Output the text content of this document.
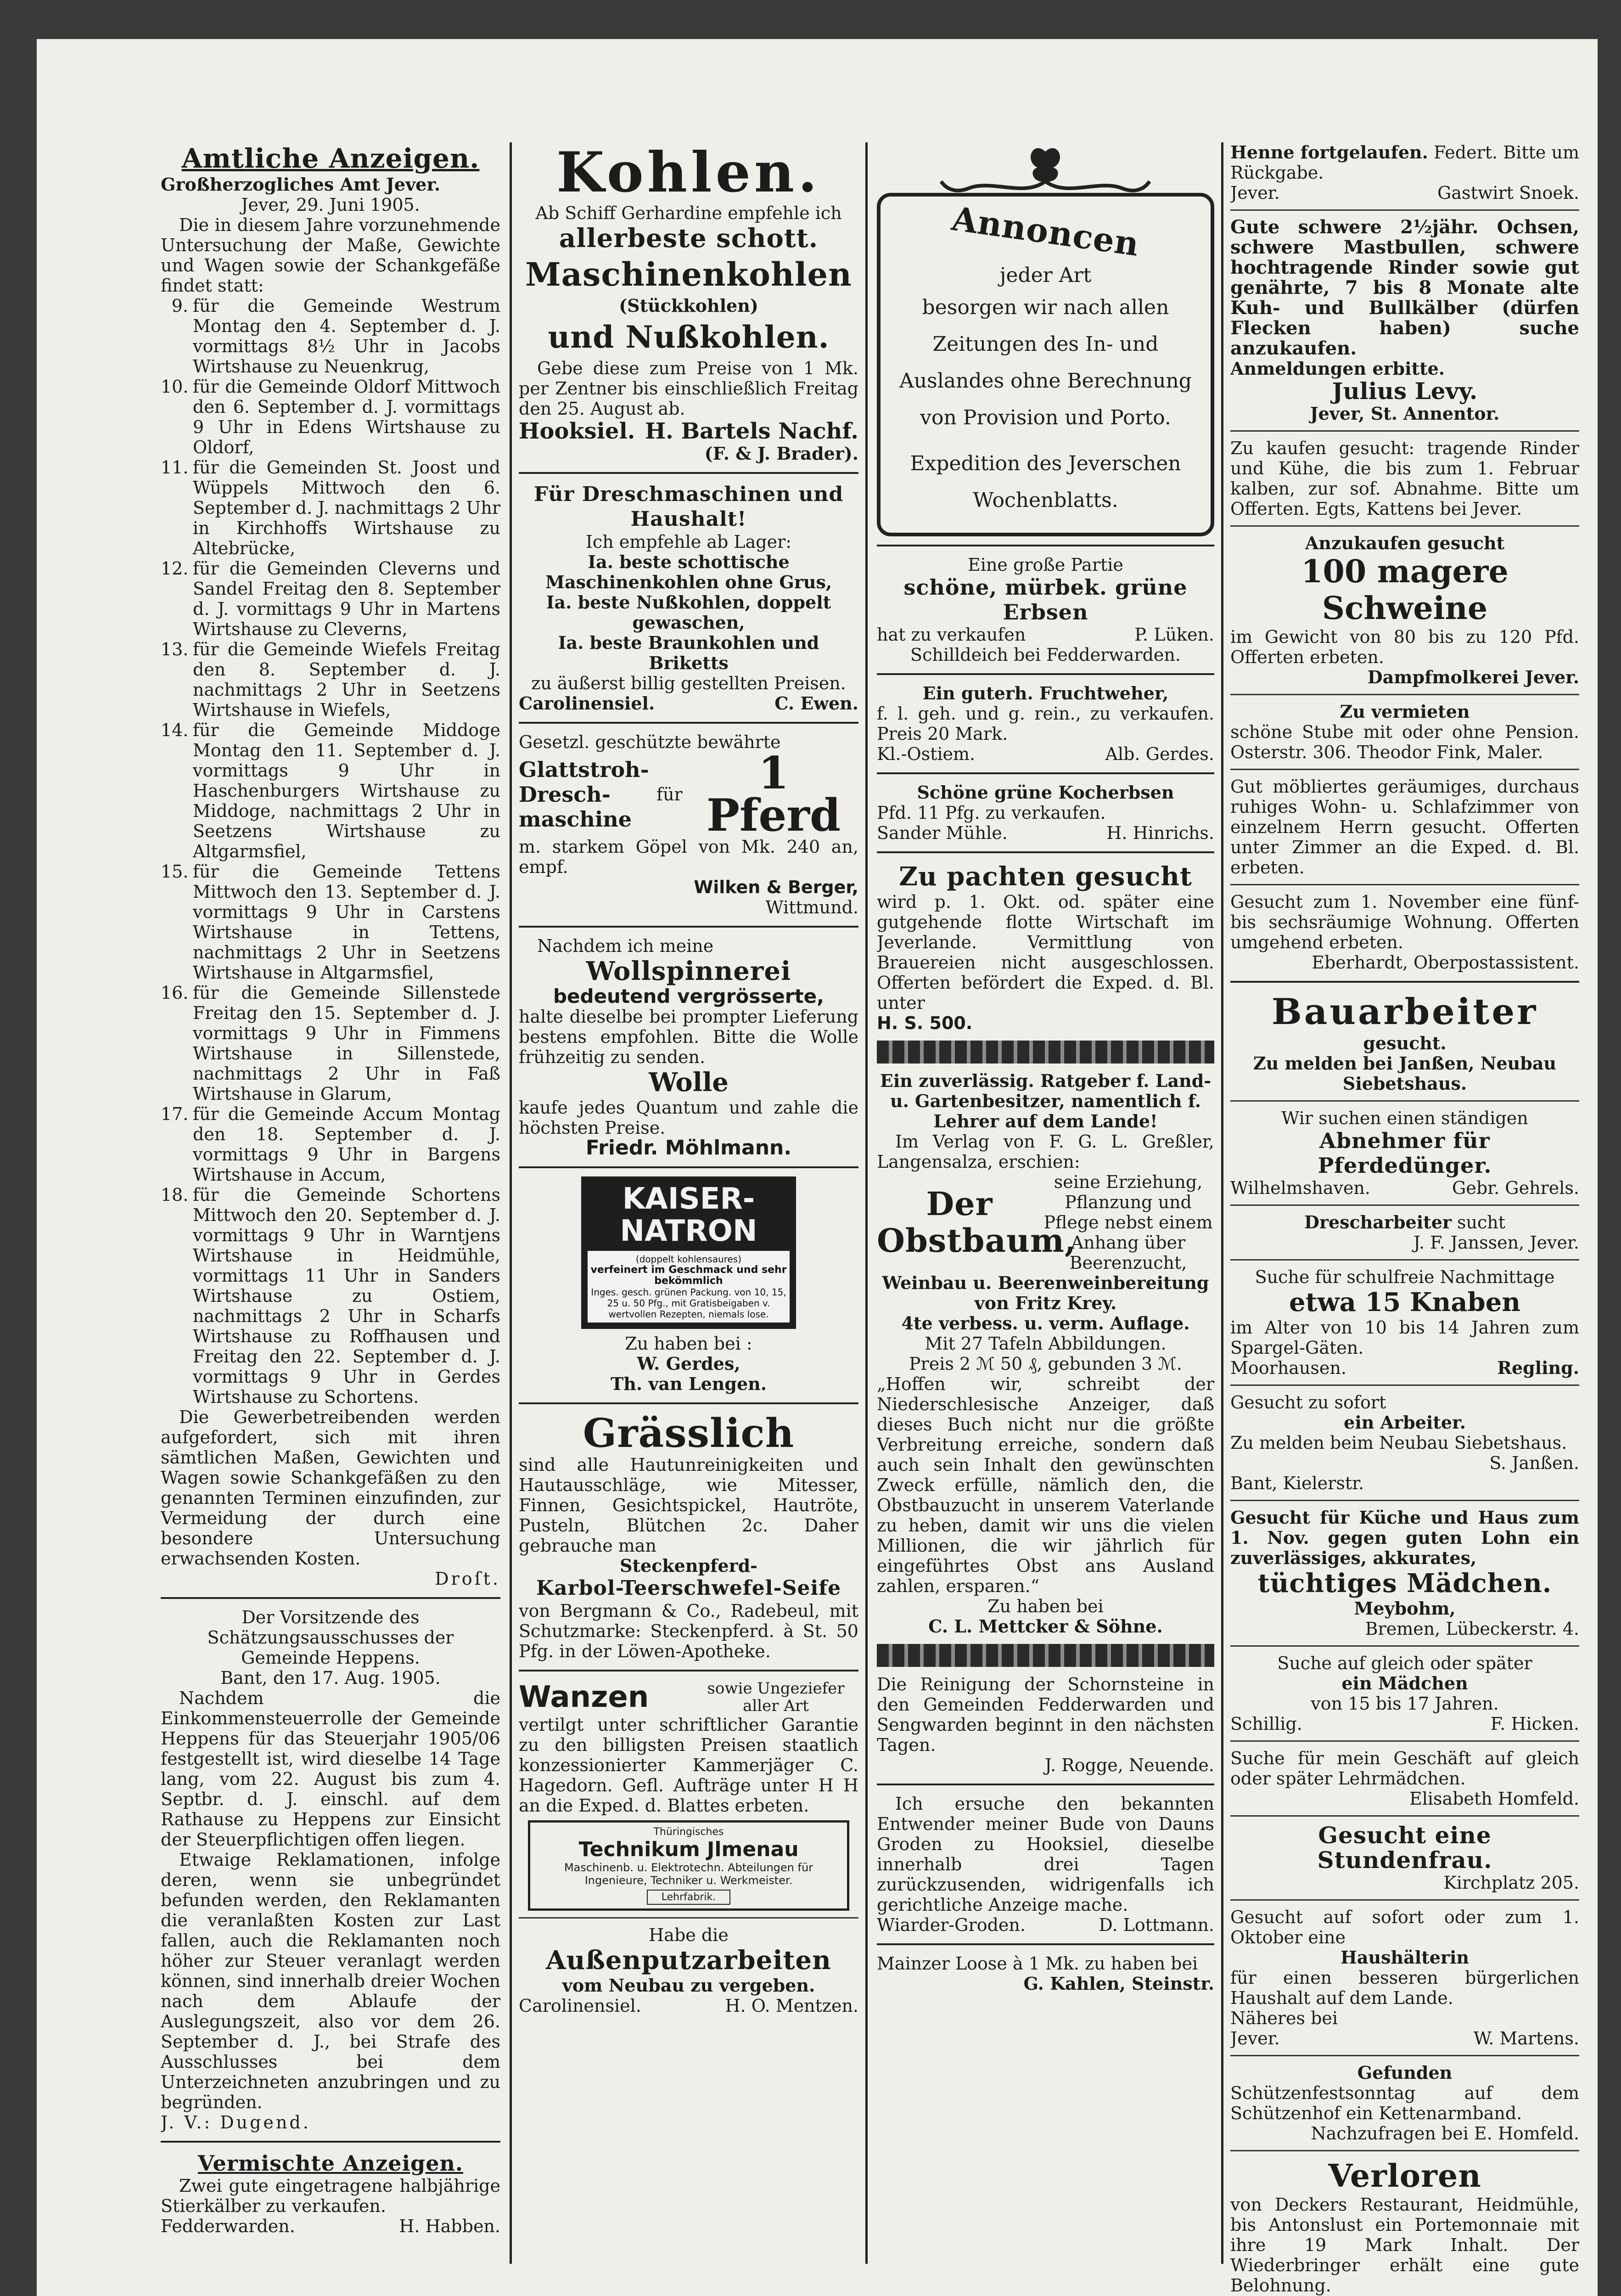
Amtliche Anzeigen.

Großherzogliches Amt Jever.

Jever, 29. Juni 1905.

Die in diesem Jahre vorzunehmende Untersuchung der Maße, Gewichte und Wagen sowie der Schankgefäße findet statt:

9. für die Gemeinde Westrum Montag den 4. September d. J. vormittags 8½ Uhr in Jacobs Wirtshause zu Neuenkrug,
10. für die Gemeinde Oldorf Mittwoch den 6. September d. J. vormittags 9 Uhr in Edens Wirtshause zu Oldorf,
11. für die Gemeinden St. Joost und Wüppels Mittwoch den 6. September d. J. nachmittags 2 Uhr in Kirchhoffs Wirtshause zu Altebrücke,
12. für die Gemeinden Cleverns und Sandel Freitag den 8. September d. J. vormittags 9 Uhr in Martens Wirtshause zu Cleverns,
13. für die Gemeinde Wiefels Freitag den 8. September d. J. nachmittags 2 Uhr in Seetzens Wirtshause in Wiefels,
14. für die Gemeinde Middoge Montag den 11. September d. J. vormittags 9 Uhr in Haschenburgers Wirtshause zu Middoge, nachmittags 2 Uhr in Seetzens Wirtshause zu Altgarmsfiel,
15. für die Gemeinde Tettens Mittwoch den 13. September d. J. vormittags 9 Uhr in Carstens Wirtshause in Tettens, nachmittags 2 Uhr in Seetzens Wirtshause in Altgarmsfiel,
16. für die Gemeinde Sillenstede Freitag den 15. September d. J. vormittags 9 Uhr in Fimmens Wirtshause in Sillenstede, nachmittags 2 Uhr in Faß Wirtshause in Glarum,
17. für die Gemeinde Accum Montag den 18. September d. J. vormittags 9 Uhr in Bargens Wirtshause in Accum,
18. für die Gemeinde Schortens Mittwoch den 20. September d. J. vormittags 9 Uhr in Warntjens Wirtshause in Heidmühle, vormittags 11 Uhr in Sanders Wirtshause zu Ostiem, nachmittags 2 Uhr in Scharfs Wirtshause zu Roffhausen und Freitag den 22. September d. J. vormittags 9 Uhr in Gerdes Wirtshause zu Schortens.

Die Gewerbetreibenden werden aufgefordert, sich mit ihren sämtlichen Maßen, Gewichten und Wagen sowie Schankgefäßen zu den genannten Terminen einzufinden, zur Vermeidung der durch eine besondere Untersuchung erwachsenden Kosten.

Droſt.

Der Vorsitzende des Schätzungsausschusses der Gemeinde Heppens.

Bant, den 17. Aug. 1905.

Nachdem die Einkommensteuerrolle der Gemeinde Heppens für das Steuerjahr 1905/06 festgestellt ist, wird dieselbe 14 Tage lang, vom 22. August bis zum 4. Septbr. d. J. einschl. auf dem Rathause zu Heppens zur Einsicht der Steuerpflichtigen offen liegen.

Etwaige Reklamationen, infolge deren, wenn sie unbegründet befunden werden, den Reklamanten die veranlaßten Kosten zur Last fallen, auch die Reklamanten noch höher zur Steuer veranlagt werden können, sind innerhalb dreier Wochen nach dem Ablaufe der Auslegungszeit, also vor dem 26. September d. J., bei Strafe des Ausschlusses bei dem Unterzeichneten anzubringen und zu begründen.

J. V.: Dugend.

Vermischte Anzeigen.

Zwei gute eingetragene halbjährige Stierkälber zu verkaufen.

Fedderwarden.	H. Habben.

Kohlen.

Ab Schiff Gerhardine empfehle ich

allerbeste schott.

Maschinenkohlen

(Stückkohlen)

und Nußkohlen.

Gebe diese zum Preise von 1 Mk. per Zentner bis einschließlich Freitag den 25. August ab.

Hooksiel. H. Bartels Nachf.

(F. & J. Brader).

Für Dreschmaschinen und Haushalt!

Ich empfehle ab Lager:

Ia. beste schottische Maschinenkohlen ohne Grus,

Ia. beste Nußkohlen, doppelt gewaschen,

Ia. beste Braunkohlen und Briketts

zu äußerst billig gestellten Preisen.

Carolinensiel.	C. Ewen.

Gesetzl. geschützte bewährte

Glattstroh-Dresch-maschine
für	1 Pferd

m. starkem Göpel von Mk. 240 an, empf.

Wilken & Berger,

Wittmund.

Nachdem ich meine

Wollspinnerei

bedeutend vergrösserte,

halte dieselbe bei prompter Lieferung bestens empfohlen. Bitte die Wolle frühzeitig zu senden.

Wolle

kaufe jedes Quantum und zahle die höchsten Preise.

Friedr. Möhlmann.

KAISER-
NATRON
(doppelt kohlensaures)
verfeinert im Geschmack und sehr bekömmlich
Inges. gesch. grünen Packung. von 10, 15, 25 u. 50 Pfg., mit Gratisbeigaben v. wertvollen Rezepten, niemals lose.

Zu haben bei :

W. Gerdes,

Th. van Lengen.

Grässlich

sind alle Hautunreinigkeiten und Hautausschläge, wie Mitesser, Finnen, Gesichtspickel, Hautröte, Pusteln, Blütchen 2c. Daher gebrauche man

Steckenpferd-

Karbol-Teerschwefel-Seife

von Bergmann & Co., Radebeul, mit Schutzmarke: Steckenpferd. à St. 50 Pfg. in der Löwen-Apotheke.

Wanzen	sowie Ungeziefer aller Art

vertilgt unter schriftlicher Garantie zu den billigsten Preisen staatlich konzessionierter Kammerjäger C. Hagedorn. Gefl. Aufträge unter H H an die Exped. d. Blattes erbeten.

Thüringisches
Technikum Jlmenau
Maschinenb. u. Elektrotechn. Abteilungen für Ingenieure, Techniker u. Werkmeister.
Lehrfabrik.

Habe die

Außenputzarbeiten

vom Neubau zu vergeben.

Carolinensiel.	H. O. Mentzen.

Annoncen

jeder Art

besorgen wir nach allen Zeitungen des In- und Auslandes ohne Berechnung von Provision und Porto.

Expedition des Jeverschen Wochenblatts.

Eine große Partie

schöne, mürbek. grüne Erbsen

hat zu verkaufen	P. Lüken.

Schilldeich bei Fedderwarden.

Ein guterh. Fruchtweher,

f. l. geh. und g. rein., zu verkaufen. Preis 20 Mark.

Kl.-Ostiem.	Alb. Gerdes.

Schöne grüne Kocherbsen

Pfd. 11 Pfg. zu verkaufen.

Sander Mühle.	H. Hinrichs.

Zu pachten gesucht

wird p. 1. Okt. od. später eine gutgehende flotte Wirtschaft im Jeverlande. Vermittlung von Brauereien nicht ausgeschlossen. Offerten befördert die Exped. d. Bl. unter

H. S. 500.

Ein zuverlässig. Ratgeber f. Land- u. Gartenbesitzer, namentlich f. Lehrer auf dem Lande!

Im Verlag von F. G. L. Greßler, Langensalza, erschien:

Der Obstbaum,
seine Erziehung, Pflanzung und Pflege nebst einem Anhang über Beerenzucht,

Weinbau u. Beerenweinbereitung von Fritz Krey.

4te verbess. u. verm. Auflage.

Mit 27 Tafeln Abbildungen.

Preis 2 ℳ 50 ₰, gebunden 3 ℳ.

„Hoffen wir, schreibt der Niederschlesische Anzeiger, daß dieses Buch nicht nur die größte Verbreitung erreiche, sondern daß auch sein Inhalt den gewünschten Zweck erfülle, nämlich den, die Obstbauzucht in unserem Vaterlande zu heben, damit wir uns die vielen Millionen, die wir jährlich für eingeführtes Obst ans Ausland zahlen, ersparen.“

Zu haben bei

C. L. Mettcker & Söhne.

Die Reinigung der Schornsteine in den Gemeinden Fedderwarden und Sengwarden beginnt in den nächsten Tagen.

J. Rogge, Neuende.

Ich ersuche den bekannten Entwender meiner Bude von Dauns Groden zu Hooksiel, dieselbe innerhalb drei Tagen zurückzusenden, widrigenfalls ich gerichtliche Anzeige mache.

Wiarder-Groden.	D. Lottmann.

Mainzer Loose à 1 Mk. zu haben bei

G. Kahlen, Steinstr.

Henne fortgelaufen. Federt. Bitte um Rückgabe.

Jever.	Gastwirt Snoek.

Gute schwere 2½jähr. Ochsen, schwere Mastbullen, schwere hochtragende Rinder sowie gut genährte, 7 bis 8 Monate alte Kuh- und Bullkälber (dürfen Flecken haben) suche anzukaufen.

Anmeldungen erbitte.

Julius Levy.

Jever, St. Annentor.

Zu kaufen gesucht: tragende Rinder und Kühe, die bis zum 1. Februar kalben, zur sof. Abnahme. Bitte um Offerten. Egts, Kattens bei Jever.

Anzukaufen gesucht

100 magere Schweine

im Gewicht von 80 bis zu 120 Pfd. Offerten erbeten.

Dampfmolkerei Jever.

Zu vermieten

schöne Stube mit oder ohne Pension. Osterstr. 306. Theodor Fink, Maler.

Gut möbliertes geräumiges, durchaus ruhiges Wohn- u. Schlafzimmer von einzelnem Herrn gesucht. Offerten unter Zimmer an die Exped. d. Bl. erbeten.

Gesucht zum 1. November eine fünf- bis sechsräumige Wohnung. Offerten umgehend erbeten.

Eberhardt, Oberpostassistent.

Bauarbeiter

gesucht.

Zu melden bei Janßen, Neubau Siebetshaus.

Wir suchen einen ständigen

Abnehmer für Pferdedünger.

Wilhelmshaven.	Gebr. Gehrels.

Drescharbeiter sucht

J. F. Janssen, Jever.

Suche für schulfreie Nachmittage

etwa 15 Knaben

im Alter von 10 bis 14 Jahren zum Spargel-Gäten.

Moorhausen.	Regling.

Gesucht zu sofort

ein Arbeiter.

Zu melden beim Neubau Siebetshaus.

S. Janßen.

Bant, Kielerstr.

Gesucht für Küche und Haus zum 1. Nov. gegen guten Lohn ein zuverlässiges, akkurates,

tüchtiges Mädchen.

Meybohm,

Bremen, Lübeckerstr. 4.

Suche auf gleich oder später

ein Mädchen

von 15 bis 17 Jahren.

Schillig.	F. Hicken.

Suche für mein Geschäft auf gleich oder später Lehrmädchen.

Elisabeth Homfeld.

Gesucht eine Stundenfrau.

Kirchplatz 205.

Gesucht auf sofort oder zum 1. Oktober eine

Haushälterin

für einen besseren bürgerlichen Haushalt auf dem Lande.

Näheres bei

Jever.	W. Martens.

Gefunden

Schützenfestsonntag auf dem Schützenhof ein Kettenarmband.

Nachzufragen bei E. Homfeld.

Verloren

von Deckers Restaurant, Heidmühle, bis Antonslust ein Portemonnaie mit ihre 19 Mark Inhalt. Der Wiederbringer erhält eine gute Belohnung.
